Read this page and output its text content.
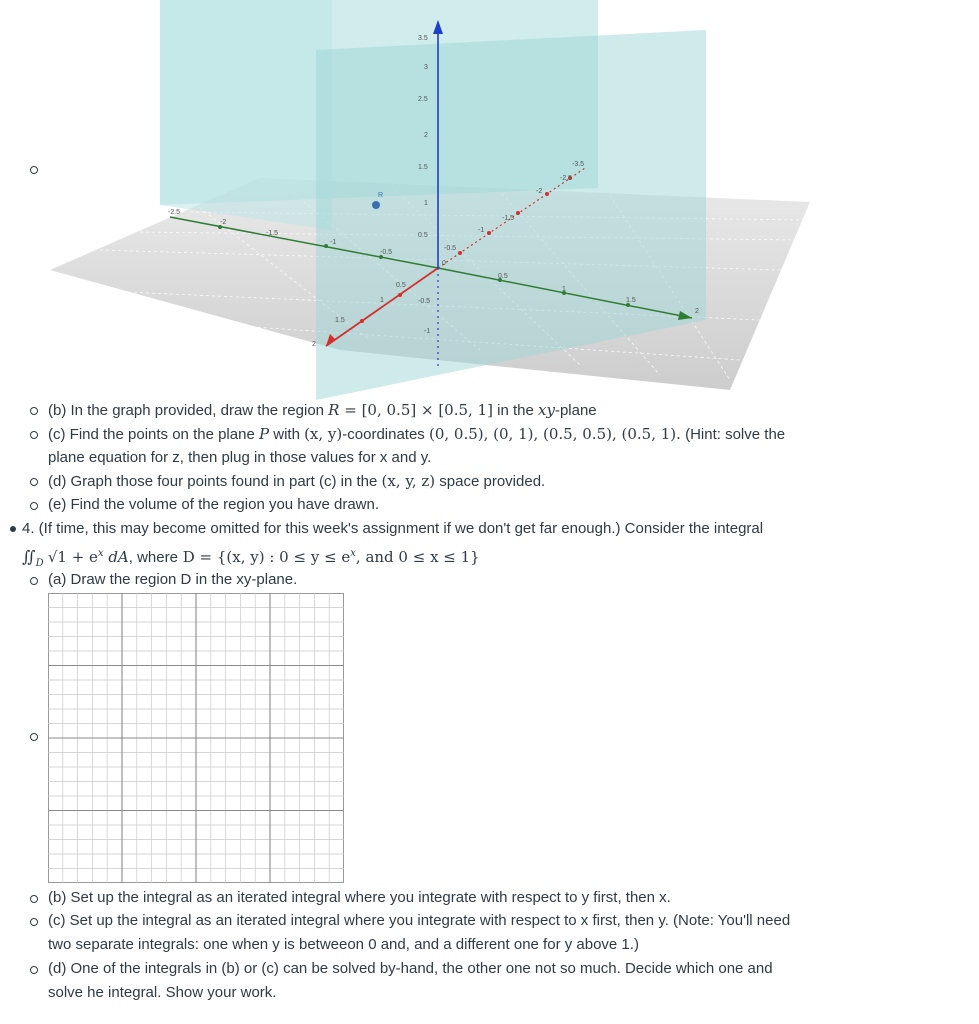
R
3.5
3
2.5
2
1.5
1
0.5
-0.5
-1
-2.5
-2
-1.5
-1
-0.5
0.5
1
1.5
2
-0.5
-1
-1.5
-2
-2.5
-3.5
0.5
1
1.5
2
0
(b) In the graph provided, draw the region R = [0, 0.5] × [0.5, 1] in the xy-plane
(c) Find the points on the plane P with (x, y)-coordinates (0, 0.5), (0, 1), (0.5, 0.5), (0.5, 1). (Hint: solve the
plane equation for z, then plug in those values for x and y.
(d) Graph those four points found in part (c) in the (x, y, z) space provided.
(e) Find the volume of the region you have drawn.
4. (If time, this may become omitted for this week's assignment if we don't get far enough.) Consider the integral
$∬_D$ $√1 + e^x$ dA, where D = {(x, y) : $0 \le y \le e^x$, and 0 ≤ x ≤ 1}
(a) Draw the region D in the xy-plane.
(b) Set up the integral as an iterated integral where you integrate with respect to y first, then x.
(c) Set up the integral as an iterated integral where you integrate with respect to x first, then y. (Note: You'll need
two separate integrals: one when y is betweeon 0 and, and a different one for y above 1.)
(d) One of the integrals in (b) or (c) can be solved by-hand, the other one not so much. Decide which one and
solve he integral. Show your work.
